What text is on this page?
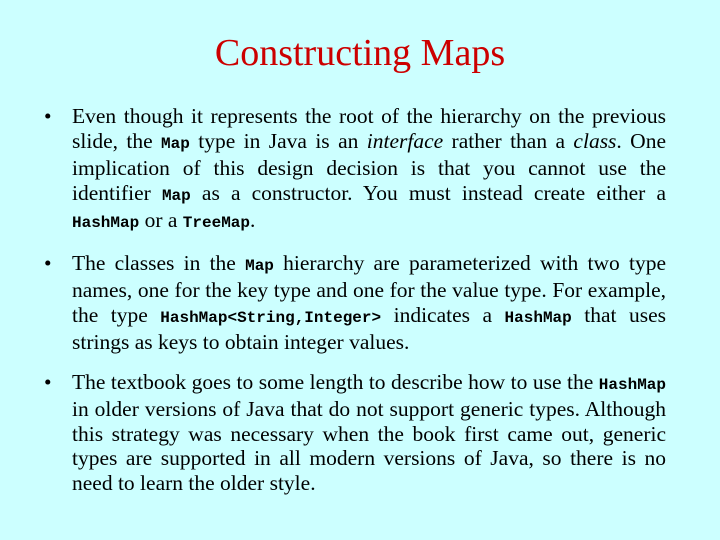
Constructing Maps
• Even though it represents the root of the hierarchy on the previous slide, the Map type in Java is an interface rather than a class. One implication of this design decision is that you cannot use the identifier Map as a constructor. You must instead create either a HashMap or a TreeMap.
• The classes in the Map hierarchy are parameterized with two type names, one for the key type and one for the value type. For example, the type HashMap<String,Integer> indicates a HashMap that uses strings as keys to obtain integer values.
• The textbook goes to some length to describe how to use the HashMap in older versions of Java that do not support generic types. Although this strategy was necessary when the book first came out, generic types are supported in all modern versions of Java, so there is no need to learn the older style.
